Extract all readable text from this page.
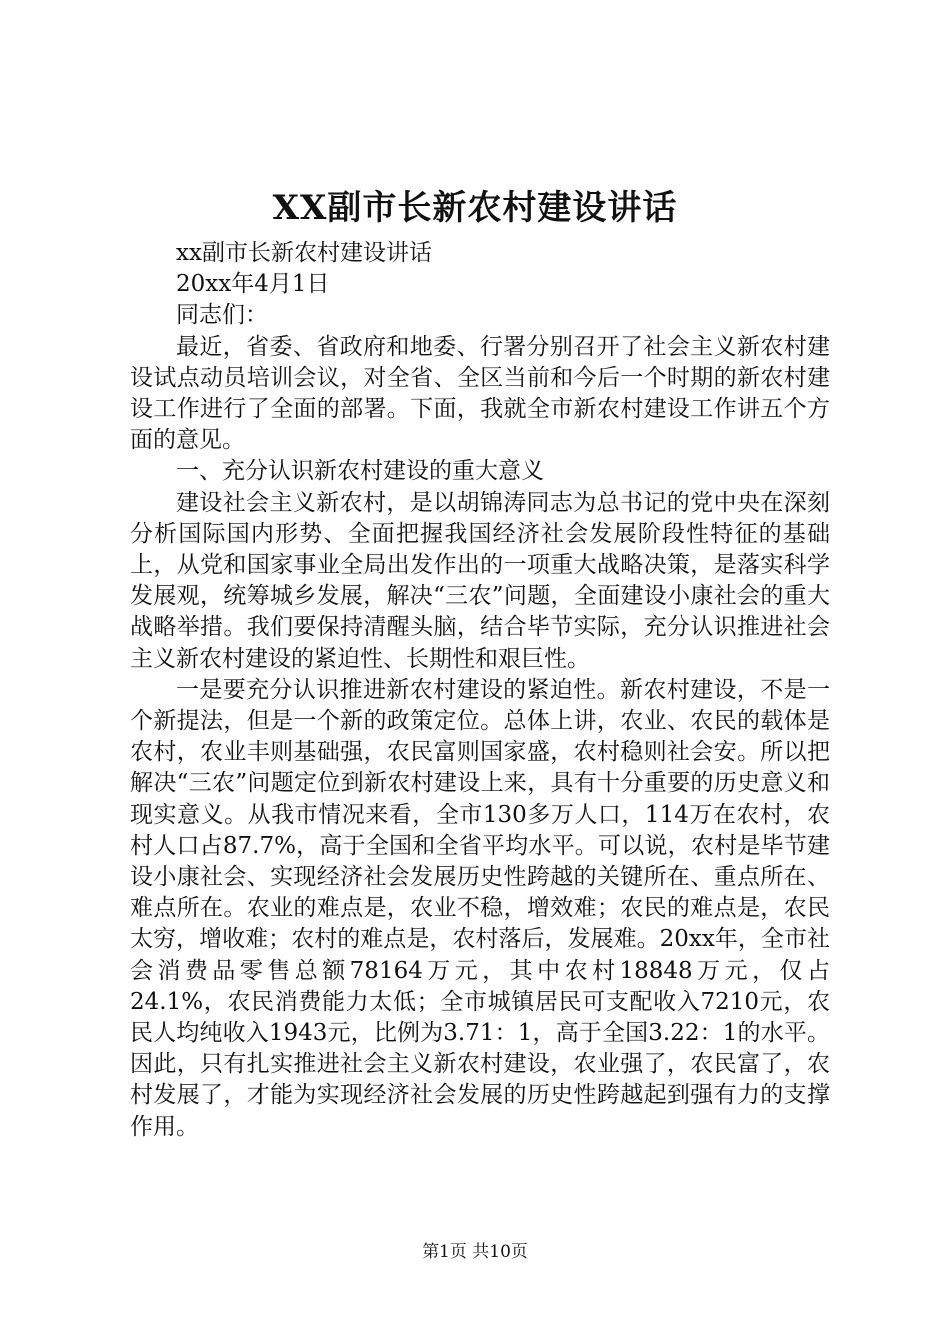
XX副市长新农村建设讲话

xx副市长新农村建设讲话

20xx年4月1日

同志们：

最近，省委、省政府和地委、行署分别召开了社会主义新农村建设试点动员培训会议，对全省、全区当前和今后一个时期的新农村建设工作进行了全面的部署。下面，我就全市新农村建设工作讲五个方面的意见。

一、充分认识新农村建设的重大意义

建设社会主义新农村，是以胡锦涛同志为总书记的党中央在深刻分析国际国内形势、全面把握我国经济社会发展阶段性特征的基础上，从党和国家事业全局出发作出的一项重大战略决策，是落实科学发展观，统筹城乡发展，解决“三农”问题，全面建设小康社会的重大战略举措。我们要保持清醒头脑，结合毕节实际，充分认识推进社会主义新农村建设的紧迫性、长期性和艰巨性。

一是要充分认识推进新农村建设的紧迫性。新农村建设，不是一个新提法，但是一个新的政策定位。总体上讲，农业、农民的载体是农村，农业丰则基础强，农民富则国家盛，农村稳则社会安。所以把解决“三农”问题定位到新农村建设上来，具有十分重要的历史意义和现实意义。从我市情况来看，全市130多万人口，114万在农村，农村人口占87.7%，高于全国和全省平均水平。可以说，农村是毕节建设小康社会、实现经济社会发展历史性跨越的关键所在、重点所在、难点所在。农业的难点是，农业不稳，增效难；农民的难点是，农民太穷，增收难；农村的难点是，农村落后，发展难。20xx年，全市社会消费品零售总额78164万元，其中农村18848万元，仅占24.1%，农民消费能力太低；全市城镇居民可支配收入7210元，农民人均纯收入1943元，比例为3.71：1，高于全国3.22：1的水平。因此，只有扎实推进社会主义新农村建设，农业强了，农民富了，农村发展了，才能为实现经济社会发展的历史性跨越起到强有力的支撑作用。

第1页 共10页
